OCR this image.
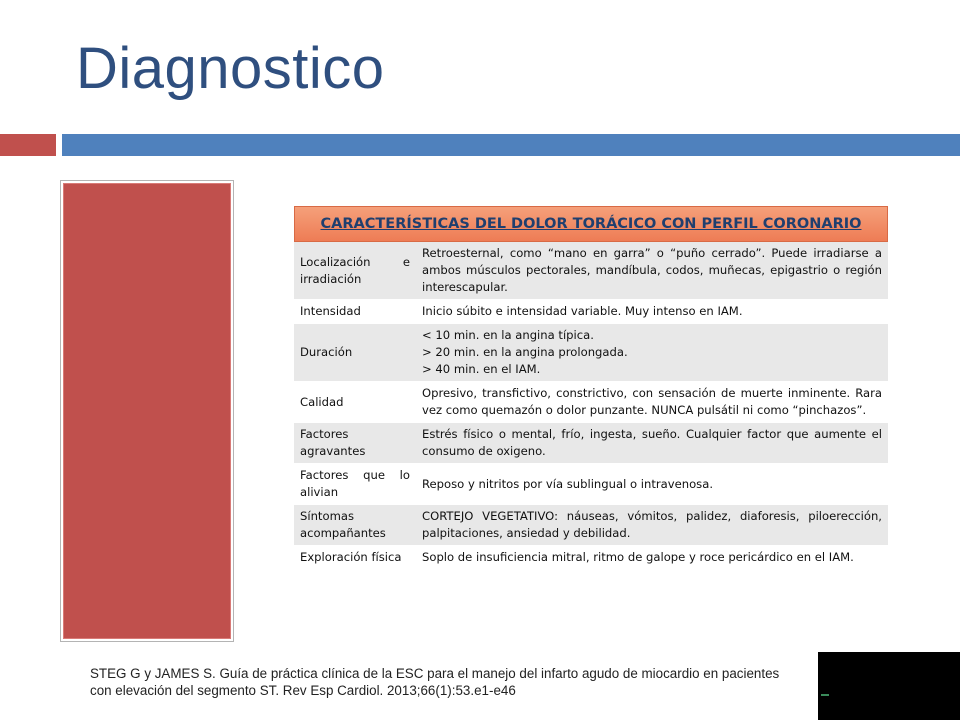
Diagnostico
CARACTERÍSTICAS DEL DOLOR TORÁCICO CON PERFIL CORONARIO
Localización e irradiación	Retroesternal, como “mano en garra” o “puño cerrado”. Puede irradiarse a ambos músculos pectorales, mandíbula, codos, muñecas, epigastrio o región interescapular.
Intensidad	Inicio súbito e intensidad variable. Muy intenso en IAM.
Duración	< 10 min. en la angina típica.
> 20 min. en la angina prolongada.
> 40 min. en el IAM.

Calidad	Opresivo, transfictivo, constrictivo, con sensación de muerte inminente. Rara vez como quemazón o dolor punzante. NUNCA pulsátil ni como “pinchazos”.
Factores agravantes	Estrés físico o mental, frío, ingesta, sueño. Cualquier factor que aumente el consumo de oxigeno.
Factores que lo alivian	Reposo y nitritos por vía sublingual o intravenosa.
Síntomas acompañantes	CORTEJO VEGETATIVO: náuseas, vómitos, palidez, diaforesis, piloerección, palpitaciones, ansiedad y debilidad.
Exploración física	Soplo de insuficiencia mitral, ritmo de galope y roce pericárdico en el IAM.
STEG G y JAMES S. Guía de práctica clínica de la ESC para el manejo del infarto agudo de miocardio en pacientes con elevación del segmento ST. Rev Esp Cardiol. 2013;66(1):53.e1-e46
